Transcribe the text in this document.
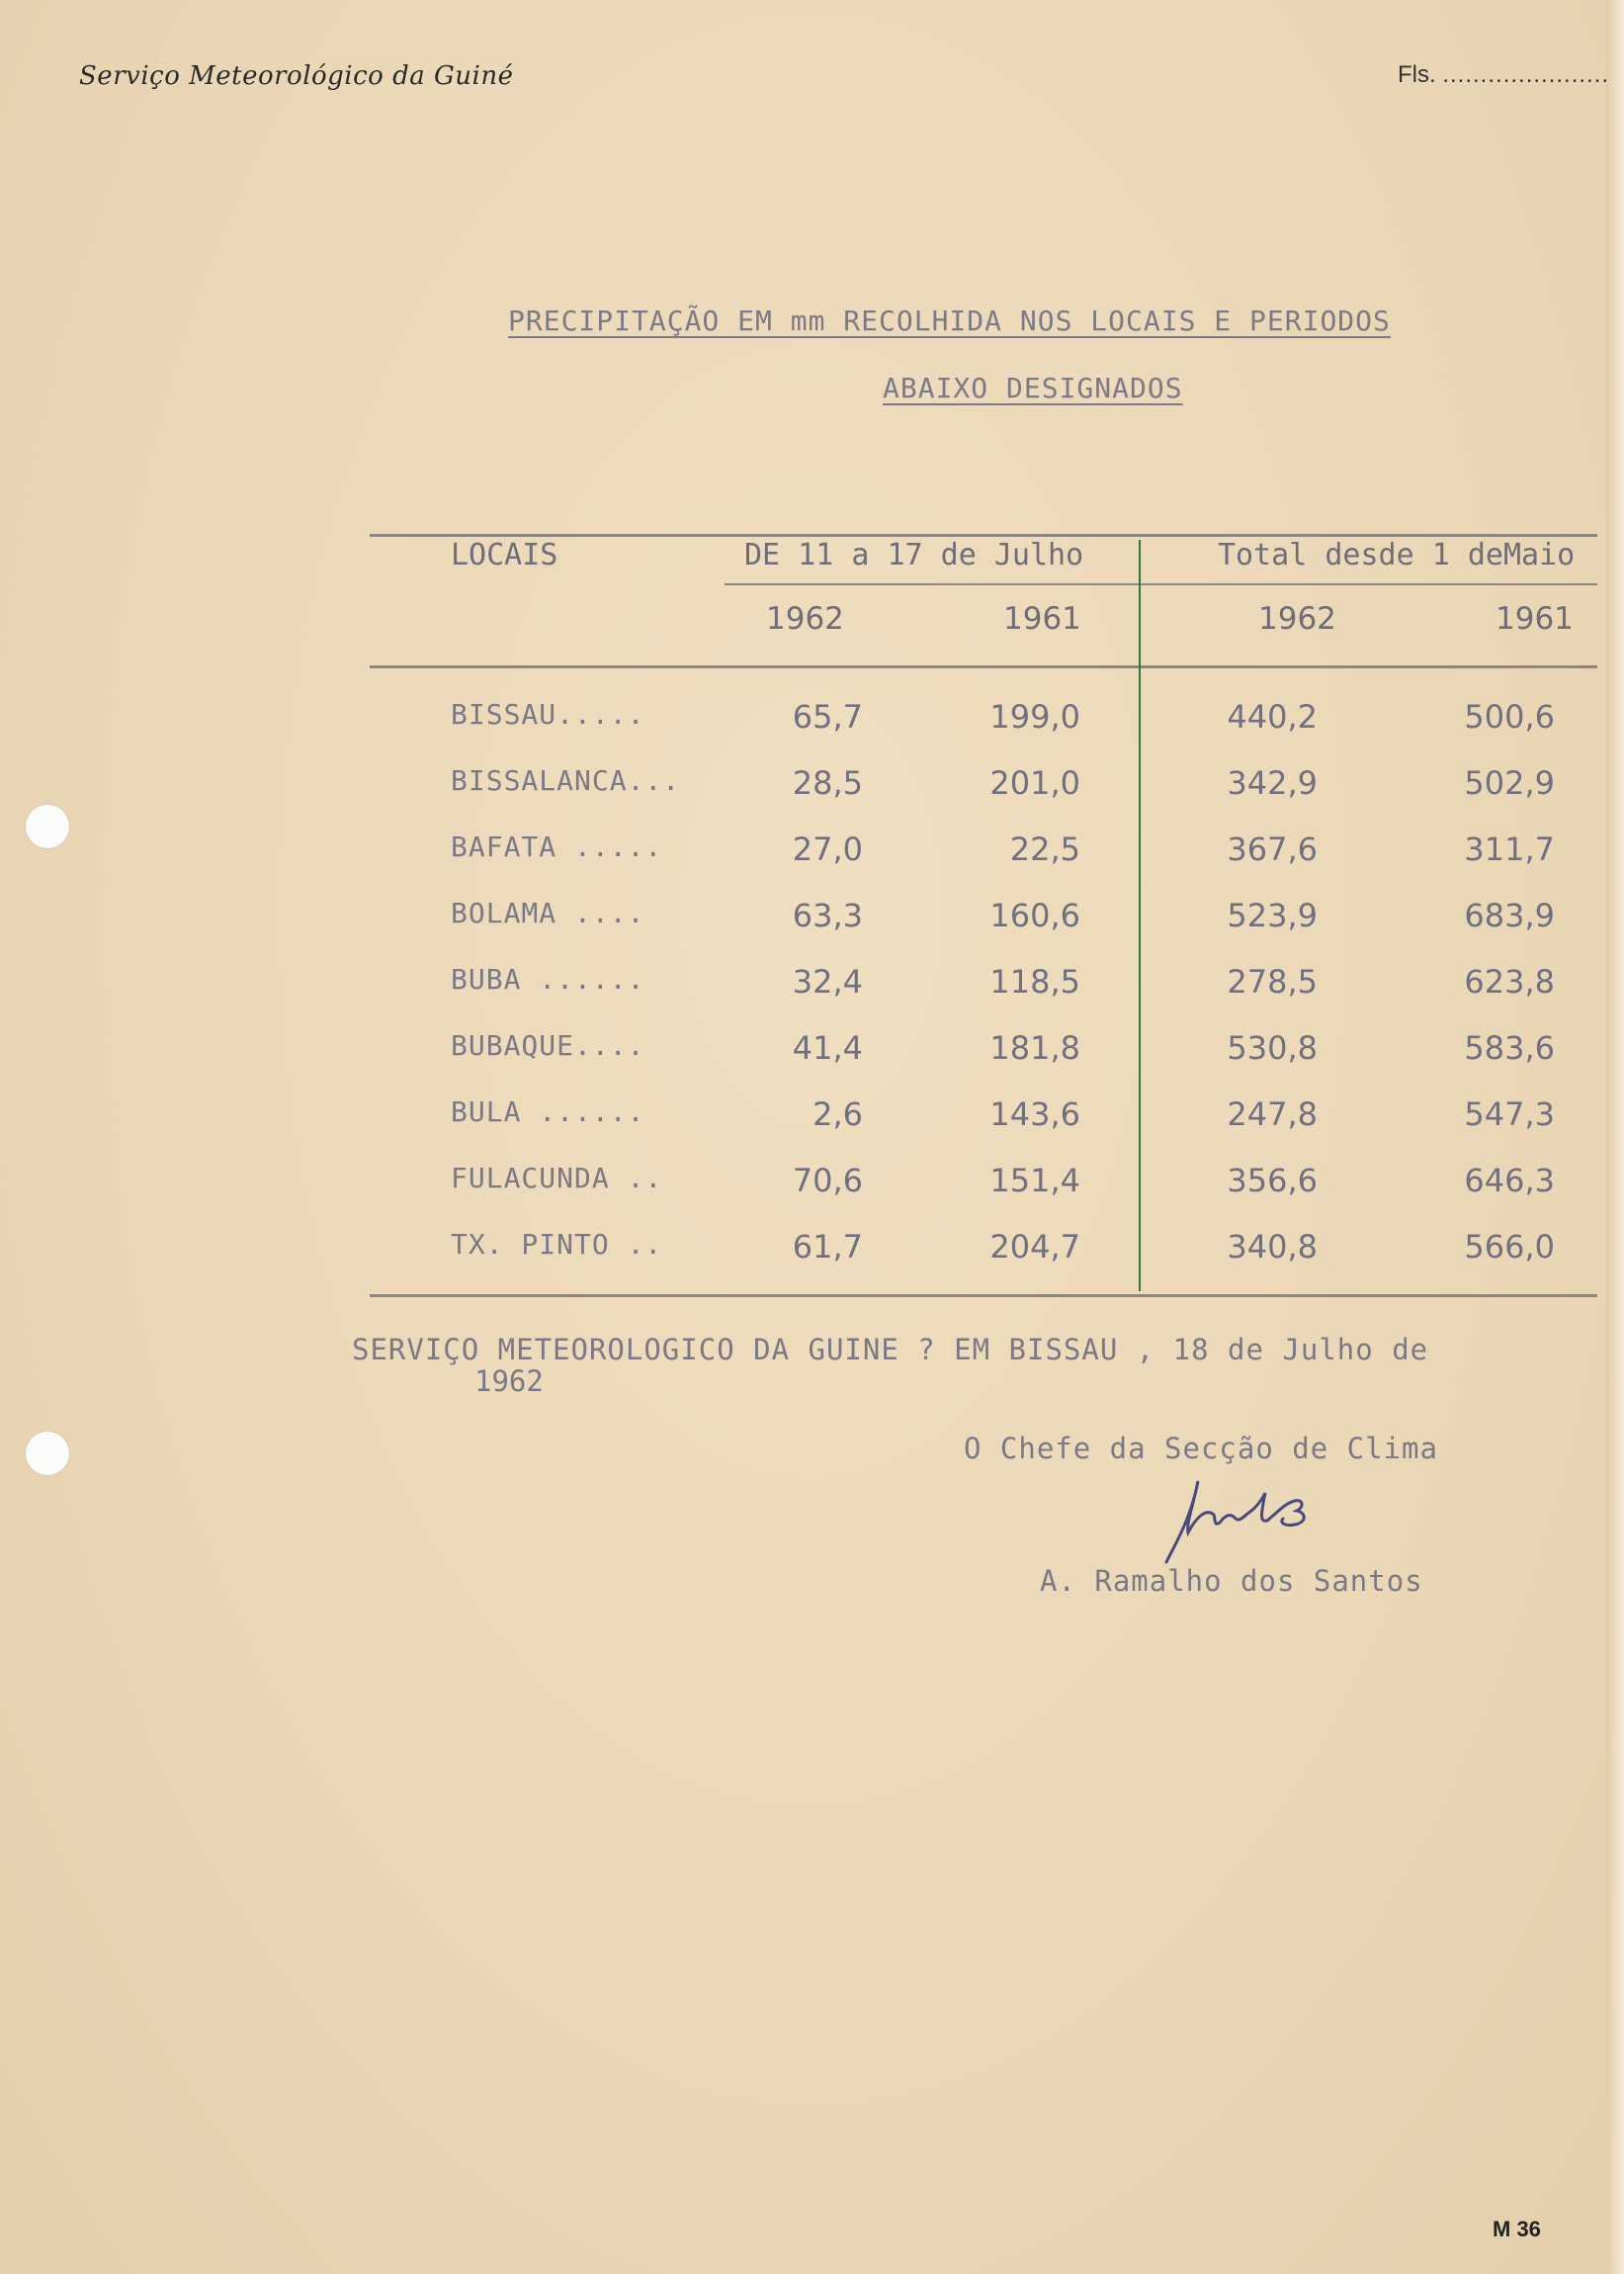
Serviço Meteorológico da Guiné	Fls. ......................
PRECIPITAÇÃO EM mm RECOLHIDA NOS LOCAIS E PERIODOS
ABAIXO DESIGNADOS
LOCAIS	DE 11 a 17 de Julho	Total desde 1 deMaio
1962	1961	1962	1961
BISSAU.....	65,7	199,0	440,2	500,6
BISSALANCA...	28,5	201,0	342,9	502,9
BAFATA .....	27,0	22,5	367,6	311,7
BOLAMA ....	63,3	160,6	523,9	683,9
BUBA ......	32,4	118,5	278,5	623,8
BUBAQUE....	41,4	181,8	530,8	583,6
BULA ......	2,6	143,6	247,8	547,3
FULACUNDA ..	70,6	151,4	356,6	646,3
TX. PINTO ..	61,7	204,7	340,8	566,0
SERVIÇO METEOROLOGICO DA GUINE ? EM BISSAU , 18 de Julho de
1962
O Chefe da Secção de Clima
A. Ramalho dos Santos
M 36
